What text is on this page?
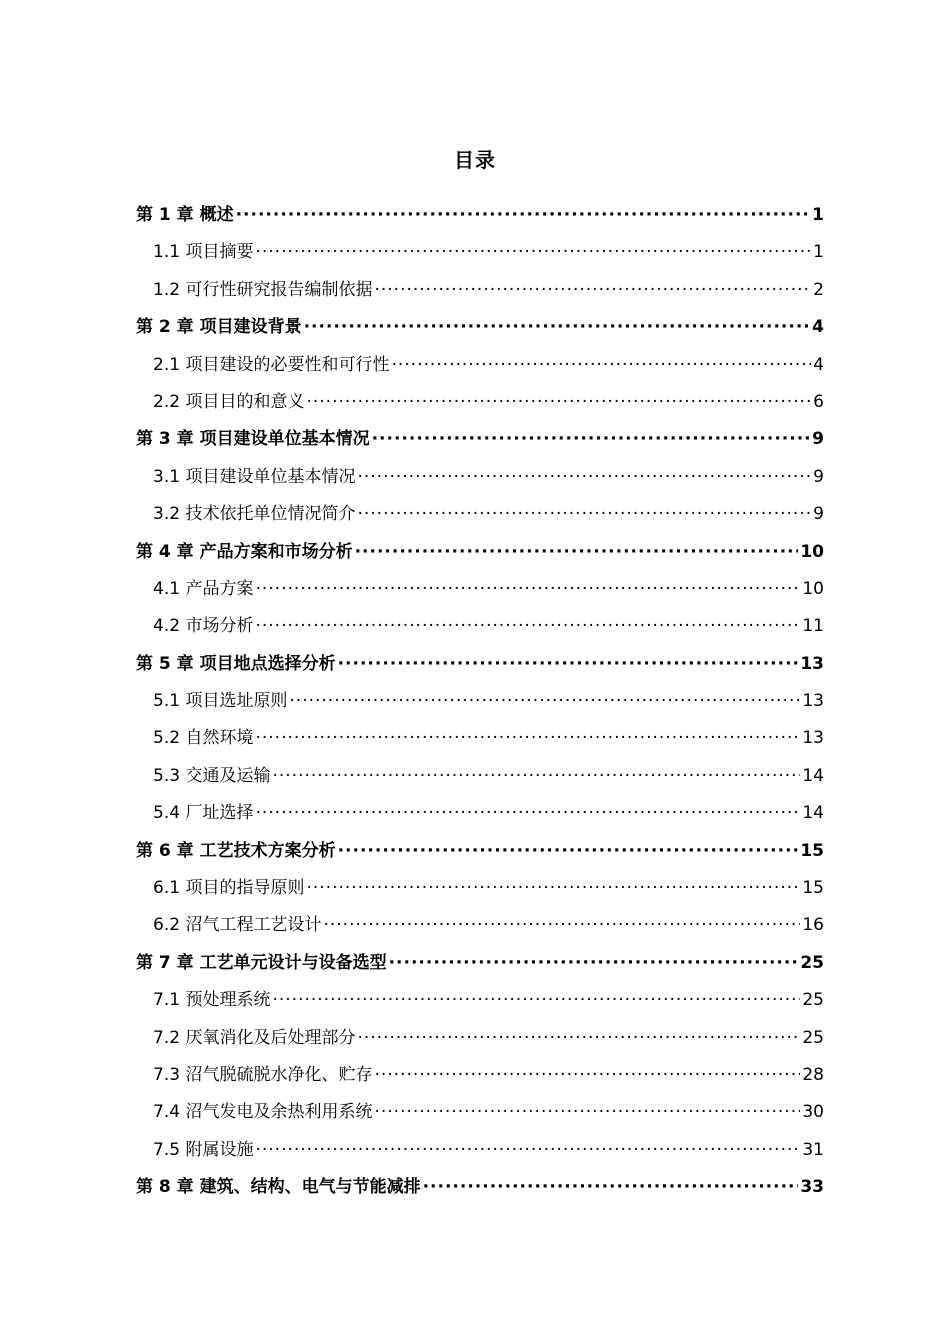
目录
第 1 章 概述 ·····	1
1.1 项目摘要 ·····	1
1.2 可行性研究报告编制依据 ·····	2
第 2 章 项目建设背景 ·····	4
2.1 项目建设的必要性和可行性 ·····	4
2.2 项目目的和意义 ·····	6
第 3 章 项目建设单位基本情况 ·····	9
3.1 项目建设单位基本情况 ·····	9
3.2 技术依托单位情况简介 ·····	9
第 4 章 产品方案和市场分析 ·····	10
4.1 产品方案 ·····	10
4.2 市场分析 ·····	11
第 5 章 项目地点选择分析 ·····	13
5.1 项目选址原则 ·····	13
5.2 自然环境 ·····	13
5.3 交通及运输 ·····	14
5.4 厂址选择 ·····	14
第 6 章 工艺技术方案分析 ·····	15
6.1 项目的指导原则 ·····	15
6.2 沼气工程工艺设计 ·····	16
第 7 章 工艺单元设计与设备选型 ·····	25
7.1 预处理系统 ·····	25
7.2 厌氧消化及后处理部分 ·····	25
7.3 沼气脱硫脱水净化、贮存 ·····	28
7.4 沼气发电及余热利用系统 ·····	30
7.5 附属设施 ·····	31
第 8 章 建筑、结构、电气与节能减排 ·····	33
